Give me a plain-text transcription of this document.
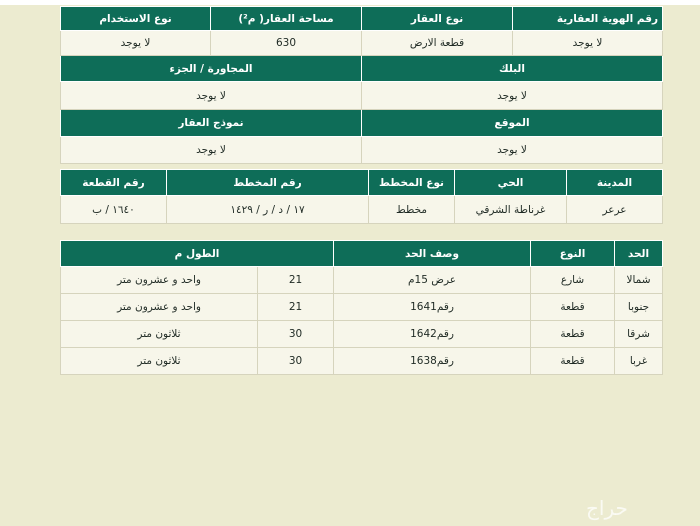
رقم الهوية العقارية	نوع العقار	مساحة العقار( م²)	نوع الاستخدام
لا يوجد	قطعة الارض	630	لا يوجد
البلك		المجاورة / الجزء	
لا يوجد		لا يوجد	
الموقع		نموذج العقار	
لا يوجد		لا يوجد	
المدينة	الحي	نوع المخطط	رقم المخطط	رقم القطعة
عرعر	غرناطة الشرقي	مخطط	١٧ / د / ر / ١٤٢٩	١٦٤٠ / ب
الحد	النوع	وصف الحد	الطول م	
شمالا	شارع	عرض 15م	21	واحد و عشرون متر
جنوبا	قطعة	رقم1641	21	واحد و عشرون متر
شرقا	قطعة	رقم1642	30	ثلاثون متر
غربا	قطعة	رقم1638	30	ثلاثون متر
حراج
